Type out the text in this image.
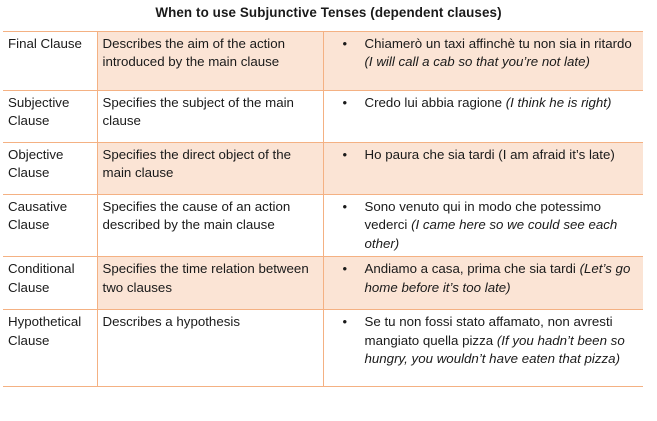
When to use Subjunctive Tenses (dependent clauses)
Final Clause	Describes the aim of the action introduced by the main clause	• Chiamerò un taxi affinchè tu non sia in ritardo (I will call a cab so that you’re not late)

Subjective Clause	Specifies the subject of the main clause	• Credo lui abbia ragione (I think he is right)

Objective Clause	Specifies the direct object of the main clause	• Ho paura che sia tardi (I am afraid it’s late)

Causative Clause	Specifies the cause of an action described by the main clause	• Sono venuto qui in modo che potessimo vederci (I came here so we could see each other)

Conditional Clause	Specifies the time relation between two clauses	• Andiamo a casa, prima che sia tardi (Let’s go home before it’s too late)

Hypothetical Clause	Describes a hypothesis	• Se tu non fossi stato affamato, non avresti mangiato quella pizza (If you hadn’t been so hungry, you wouldn’t have eaten that pizza)
